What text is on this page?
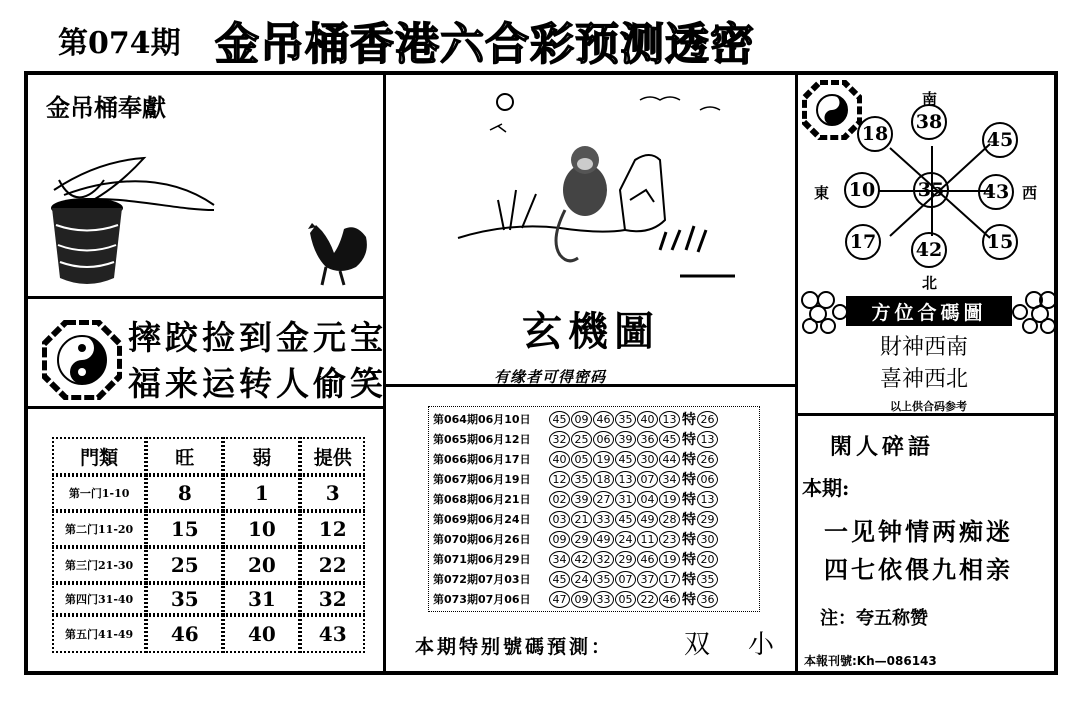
第074期 金吊桶香港六合彩预测透密
金吊桶奉獻
摔跤捡到金元宝
福来运转人偷笑
門類	旺	弱	提供
第一门1-10	8	1	3
第二门11-20	15	10	12
第三门21-30	25	20	22
第四门31-40	35	31	32
第五门41-49	46	40	43
玄機圖
有缘者可得密码
第064期06月10日	45 09 46 35 40 13 特 26
第065期06月12日	32 25 06 39 36 45 特 13
第066期06月17日	40 05 19 45 30 44 特 26
第067期06月19日	12 35 18 13 07 34 特 06
第068期06月21日	02 39 27 31 04 19 特 13
第069期06月24日	03 21 33 45 49 28 特 29
第070期06月26日	09 29 49 24 11 23 特 30
第071期06月29日	34 42 32 29 46 19 特 20
第072期07月03日	45 24 35 07 37 17 特 35
第073期07月06日	47 09 33 05 22 46 特 36
本期特别號碼預測：	双 小
南
北
東	西
35
38
45
43
15
42
17
10
18
方位合碼圖
財神西南
喜神西北
以上供合码参考
閑人碎語
本期:
一见钟情两痴迷
四七依偎九相亲
注：夸五称赞
本報刊號:Kh—086143
